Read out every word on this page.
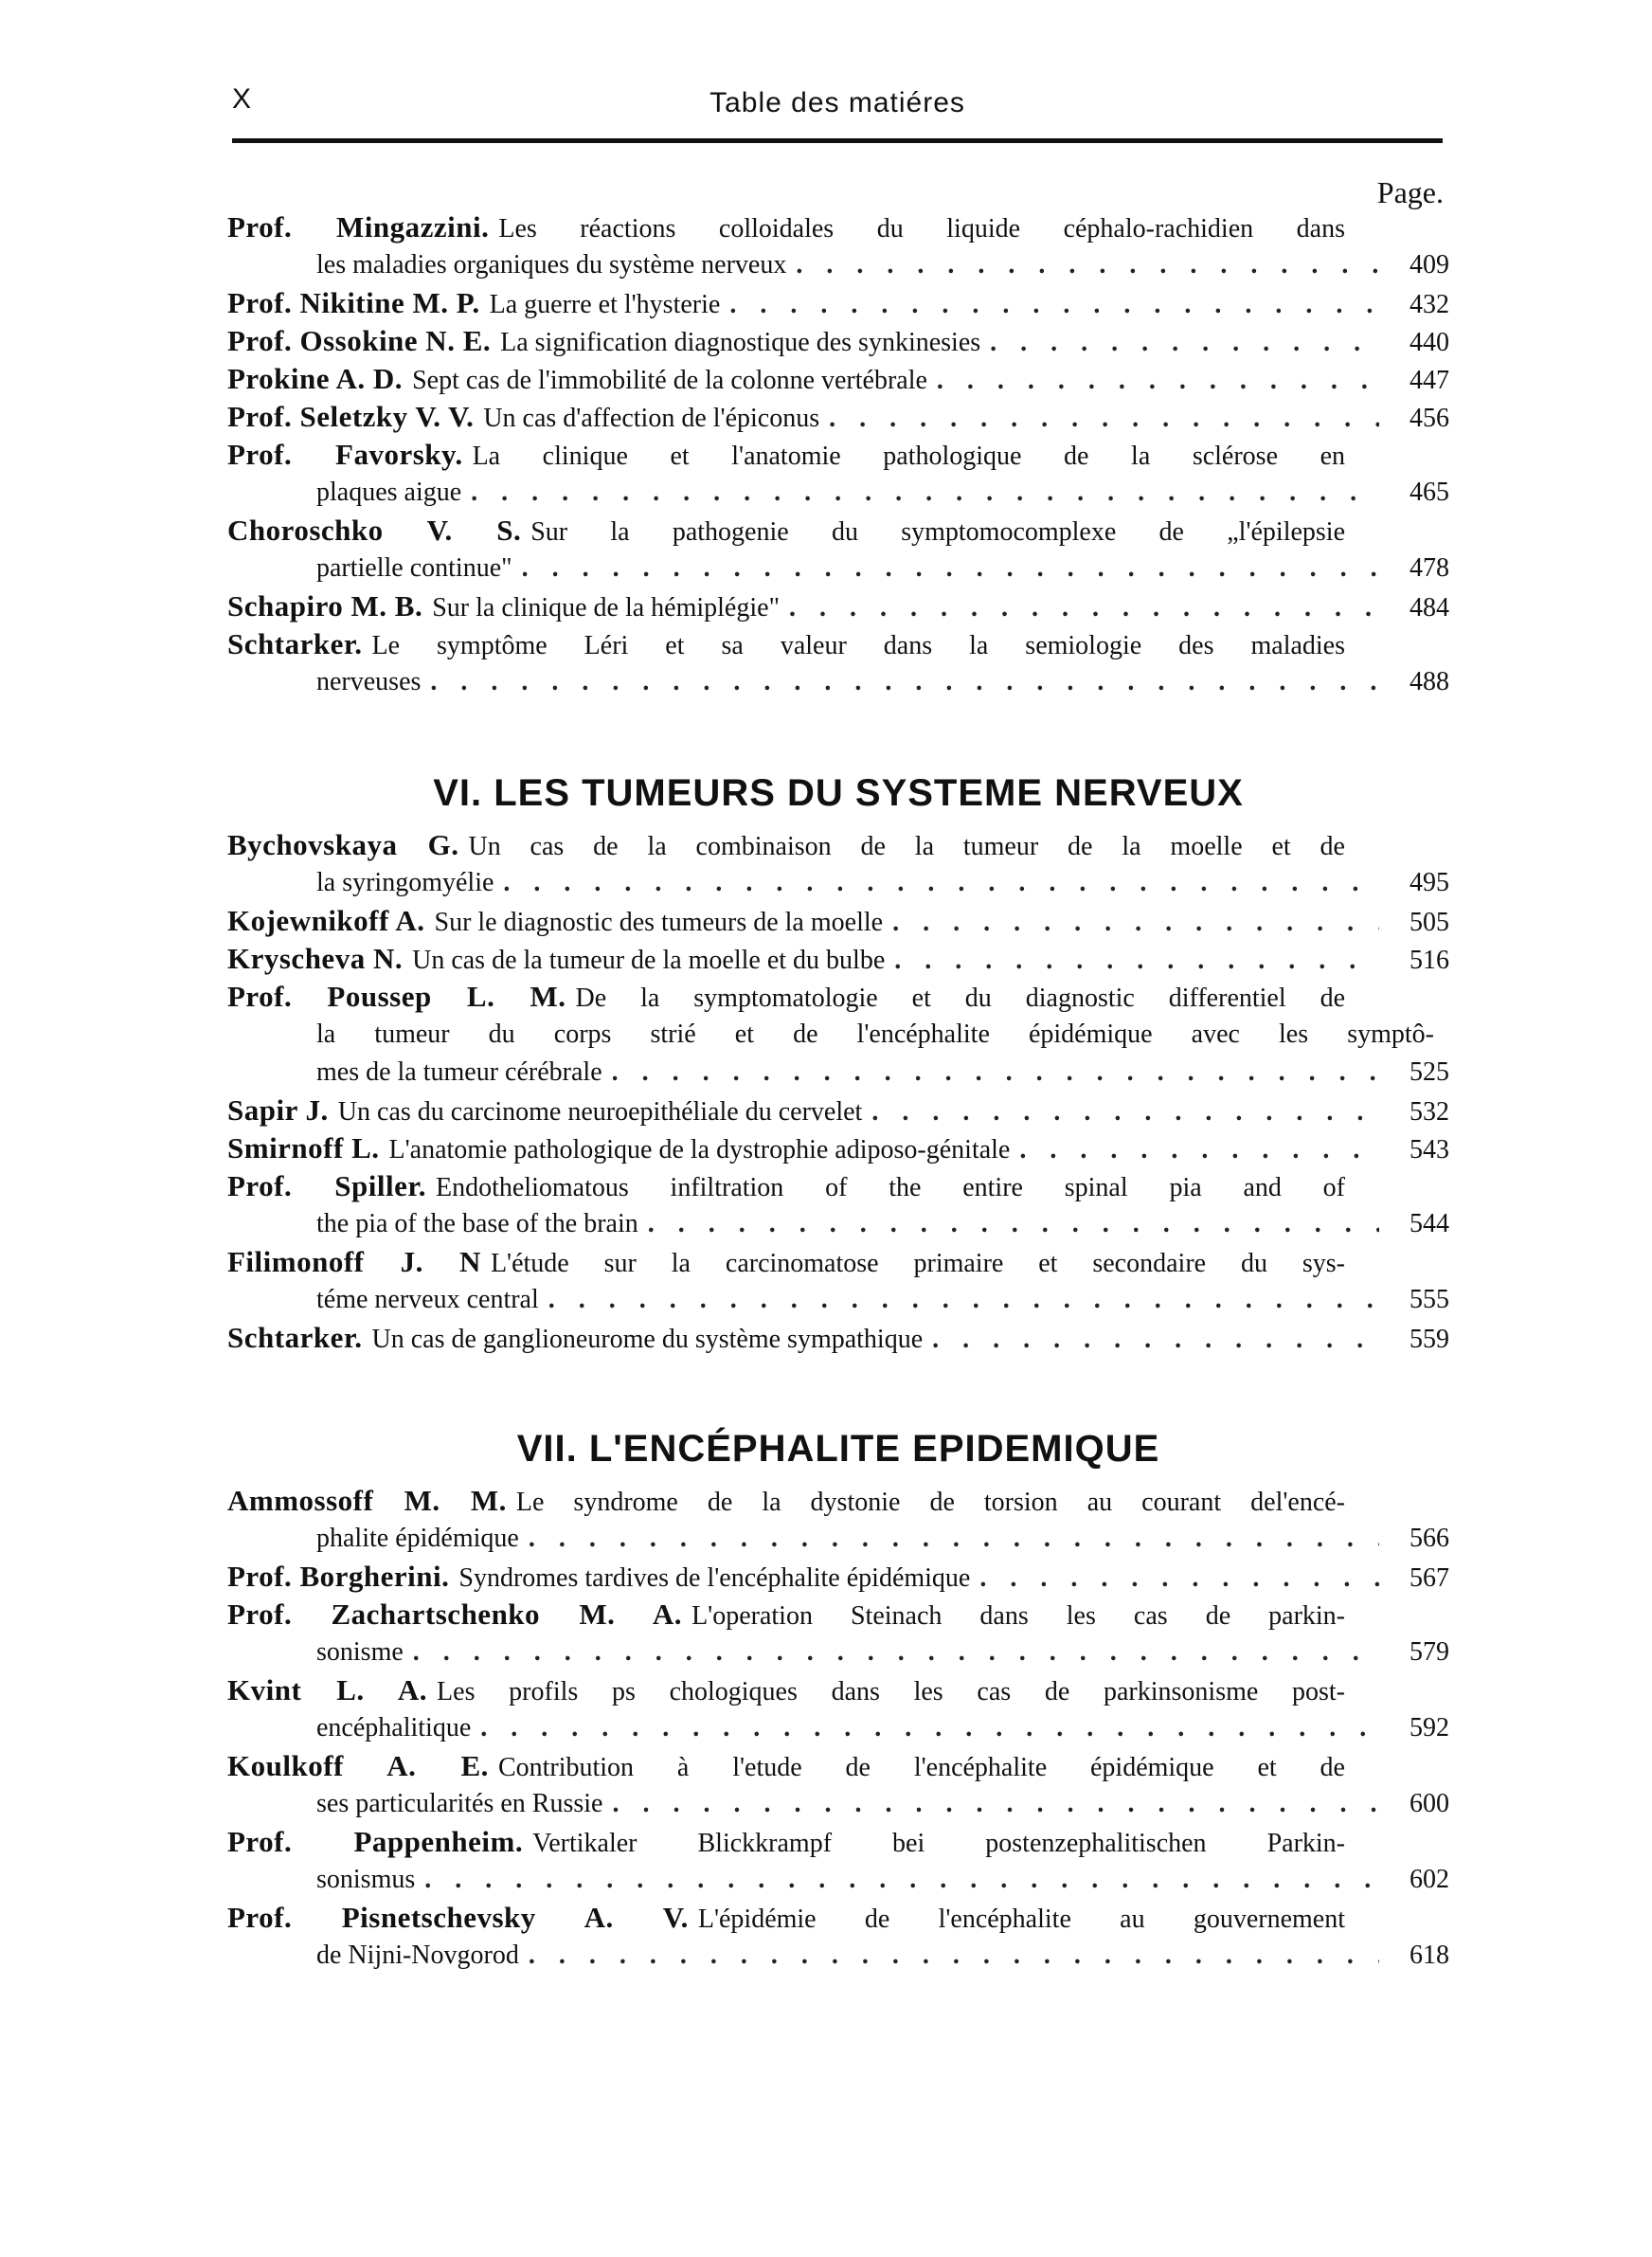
X	Table des matiéres
Page.
Prof. Mingazzini. Les réactions colloidales du liquide céphalo-rachidien dans
les maladies organiques du système nerveux . . .	409
Prof. Nikitine M. P. La guerre et l'hysterie . . .	432
Prof. Ossokine N. E. La signification diagnostique des synkinesies . . .	440
Prokine A. D. Sept cas de l'immobilité de la colonne vertébrale . . .	447
Prof. Seletzky V. V. Un cas d'affection de l'épiconus . . .	456
Prof. Favorsky. La clinique et l'anatomie pathologique de la sclérose en
plaques aigue . . .	465
Choroschko V. S. Sur la pathogenie du symptomocomplexe de „l'épilepsie
partielle continue" . . .	478
Schapiro M. B. Sur la clinique de la hémiplégie" . . .	484
Schtarker. Le symptôme Léri et sa valeur dans la semiologie des maladies
nerveuses . . .	488
VI. LES TUMEURS DU SYSTEME NERVEUX
Bychovskaya G. Un cas de la combinaison de la tumeur de la moelle et de
la syringomyélie . . .	495
Kojewnikoff A. Sur le diagnostic des tumeurs de la moelle . . .	505
Kryscheva N. Un cas de la tumeur de la moelle et du bulbe . . .	516
Prof. Poussep L. M. De la symptomatologie et du diagnostic differentiel de
la tumeur du corps strié et de l'encéphalite épidémique avec les symptô-
mes de la tumeur cérébrale . . .	525
Sapir J. Un cas du carcinome neuroepithéliale du cervelet . . .	532
Smirnoff L. L'anatomie pathologique de la dystrophie adiposo-génitale . . .	543
Prof. Spiller. Endotheliomatous infiltration of the entire spinal pia and of
the pia of the base of the brain . . .	544
Filimonoff J. N L'étude sur la carcinomatose primaire et secondaire du sys-
téme nerveux central . . .	555
Schtarker. Un cas de ganglioneurome du système sympathique . . .	559
VII. L'ENCÉPHALITE EPIDEMIQUE
Ammossoff M. M. Le syndrome de la dystonie de torsion au courant del'encé-
phalite épidémique . . .	566
Prof. Borgherini. Syndromes tardives de l'encéphalite épidémique . . .	567
Prof. Zachartschenko M. A. L'operation Steinach dans les cas de parkin-
sonisme . . .	579
Kvint L. A. Les profils ps chologiques dans les cas de parkinsonisme post-
encéphalitique . . .	592
Koulkoff A. E. Contribution à l'etude de l'encéphalite épidémique et de
ses particularités en Russie . . .	600
Prof. Pappenheim. Vertikaler Blickkrampf bei postenzephalitischen Parkin-
sonismus . . .	602
Prof. Pisnetschevsky A. V. L'épidémie de l'encéphalite au gouvernement
de Nijni-Novgorod . . .	618
